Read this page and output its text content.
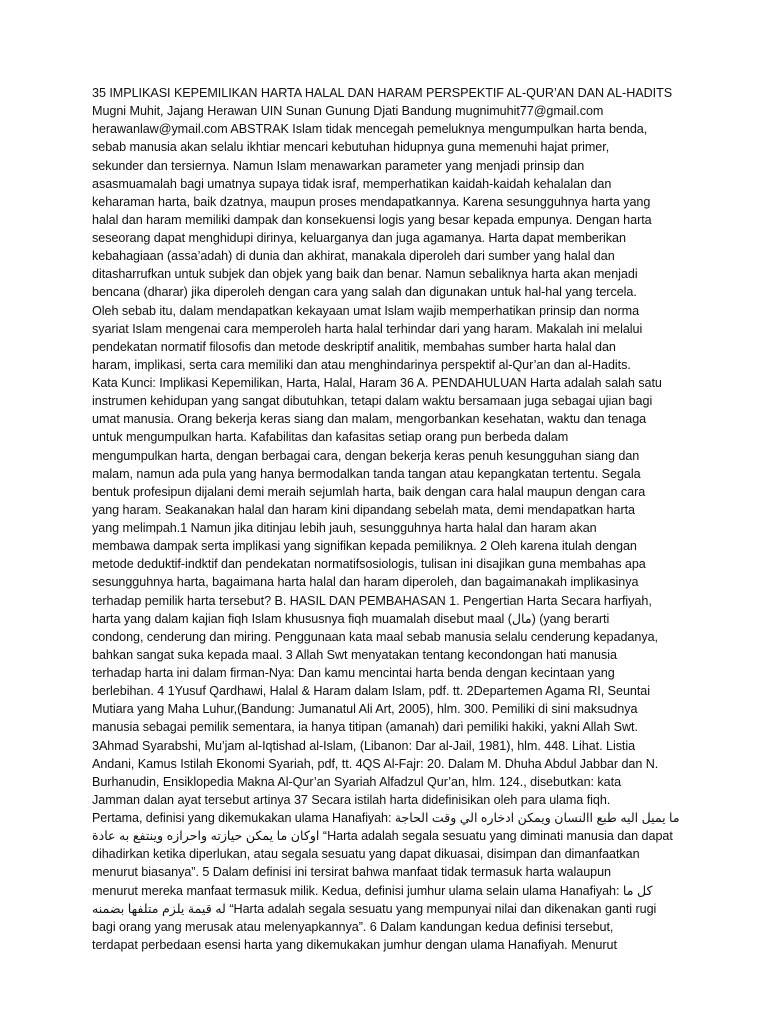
35 IMPLIKASI KEPEMILIKAN HARTA HALAL DAN HARAM PERSPEKTIF AL-QUR’AN DAN AL-HADITS
Mugni Muhit, Jajang Herawan UIN Sunan Gunung Djati Bandung mugnimuhit77@gmail.com
herawanlaw@ymail.com ABSTRAK Islam tidak mencegah pemeluknya mengumpulkan harta benda,
sebab manusia akan selalu ikhtiar mencari kebutuhan hidupnya guna memenuhi hajat primer,
sekunder dan tersiernya. Namun Islam menawarkan parameter yang menjadi prinsip dan
asasmuamalah bagi umatnya supaya tidak israf, memperhatikan kaidah-kaidah kehalalan dan
keharaman harta, baik dzatnya, maupun proses mendapatkannya. Karena sesungguhnya harta yang
halal dan haram memiliki dampak dan konsekuensi logis yang besar kepada empunya. Dengan harta
seseorang dapat menghidupi dirinya, keluarganya dan juga agamanya. Harta dapat memberikan
kebahagiaan (assa’adah) di dunia dan akhirat, manakala diperoleh dari sumber yang halal dan
ditasharrufkan untuk subjek dan objek yang baik dan benar. Namun sebaliknya harta akan menjadi
bencana (dharar) jika diperoleh dengan cara yang salah dan digunakan untuk hal-hal yang tercela.
Oleh sebab itu, dalam mendapatkan kekayaan umat Islam wajib memperhatikan prinsip dan norma
syariat Islam mengenai cara memperoleh harta halal terhindar dari yang haram. Makalah ini melalui
pendekatan normatif filosofis dan metode deskriptif analitik, membahas sumber harta halal dan
haram, implikasi, serta cara memiliki dan atau menghindarinya perspektif al-Qur’an dan al-Hadits.
Kata Kunci: Implikasi Kepemilikan, Harta, Halal, Haram 36 A. PENDAHULUAN Harta adalah salah satu
instrumen kehidupan yang sangat dibutuhkan, tetapi dalam waktu bersamaan juga sebagai ujian bagi
umat manusia. Orang bekerja keras siang dan malam, mengorbankan kesehatan, waktu dan tenaga
untuk mengumpulkan harta. Kafabilitas dan kafasitas setiap orang pun berbeda dalam
mengumpulkan harta, dengan berbagai cara, dengan bekerja keras penuh kesungguhan siang dan
malam, namun ada pula yang hanya bermodalkan tanda tangan atau kepangkatan tertentu. Segala
bentuk profesipun dijalani demi meraih sejumlah harta, baik dengan cara halal maupun dengan cara
yang haram. Seakanakan halal dan haram kini dipandang sebelah mata, demi mendapatkan harta
yang melimpah.1 Namun jika ditinjau lebih jauh, sesungguhnya harta halal dan haram akan
membawa dampak serta implikasi yang signifikan kepada pemiliknya. 2 Oleh karena itulah dengan
metode deduktif-indktif dan pendekatan normatifsosiologis, tulisan ini disajikan guna membahas apa
sesungguhnya harta, bagaimana harta halal dan haram diperoleh, dan bagaimanakah implikasinya
terhadap pemilik harta tersebut? B. HASIL DAN PEMBAHASAN 1. Pengertian Harta Secara harfiyah,
harta yang dalam kajian fiqh Islam khususnya fiqh muamalah disebut maal (مال) (yang berarti
condong, cenderung dan miring. Penggunaan kata maal sebab manusia selalu cenderung kepadanya,
bahkan sangat suka kepada maal. 3 Allah Swt menyatakan tentang kecondongan hati manusia
terhadap harta ini dalam firman-Nya: Dan kamu mencintai harta benda dengan kecintaan yang
berlebihan. 4 1Yusuf Qardhawi, Halal & Haram dalam Islam, pdf. tt. 2Departemen Agama RI, Seuntai
Mutiara yang Maha Luhur,(Bandung: Jumanatul Ali Art, 2005), hlm. 300. Pemiliki di sini maksudnya
manusia sebagai pemilik sementara, ia hanya titipan (amanah) dari pemiliki hakiki, yakni Allah Swt.
3Ahmad Syarabshi, Mu’jam al-Iqtishad al-Islam, (Libanon: Dar al-Jail, 1981), hlm. 448. Lihat. Listia
Andani, Kamus Istilah Ekonomi Syariah, pdf, tt. 4QS Al-Fajr: 20. Dalam M. Dhuha Abdul Jabbar dan N.
Burhanudin, Ensiklopedia Makna Al-Qur’an Syariah Alfadzul Qur’an, hlm. 124., disebutkan: kata
Jamman dalan ayat tersebut artinya 37 Secara istilah harta didefinisikan oleh para ulama fiqh.
Pertama, definisi yang dikemukakan ulama Hanafiyah: ما يميل اليه طبع االنسان ويمكن ادخاره الي وقت الحاجة
اوكان ما يمكن حيازته واحرازه وينتفع به عادة “Harta adalah segala sesuatu yang diminati manusia dan dapat
dihadirkan ketika diperlukan, atau segala sesuatu yang dapat dikuasai, disimpan dan dimanfaatkan
menurut biasanya”. 5 Dalam definisi ini tersirat bahwa manfaat tidak termasuk harta walaupun
menurut mereka manfaat termasuk milik. Kedua, definisi jumhur ulama selain ulama Hanafiyah: كل ما
له قيمة يلزم متلفها بضمنه “Harta adalah segala sesuatu yang mempunyai nilai dan dikenakan ganti rugi
bagi orang yang merusak atau melenyapkannya”. 6 Dalam kandungan kedua definisi tersebut,
terdapat perbedaan esensi harta yang dikemukakan jumhur dengan ulama Hanafiyah. Menurut
